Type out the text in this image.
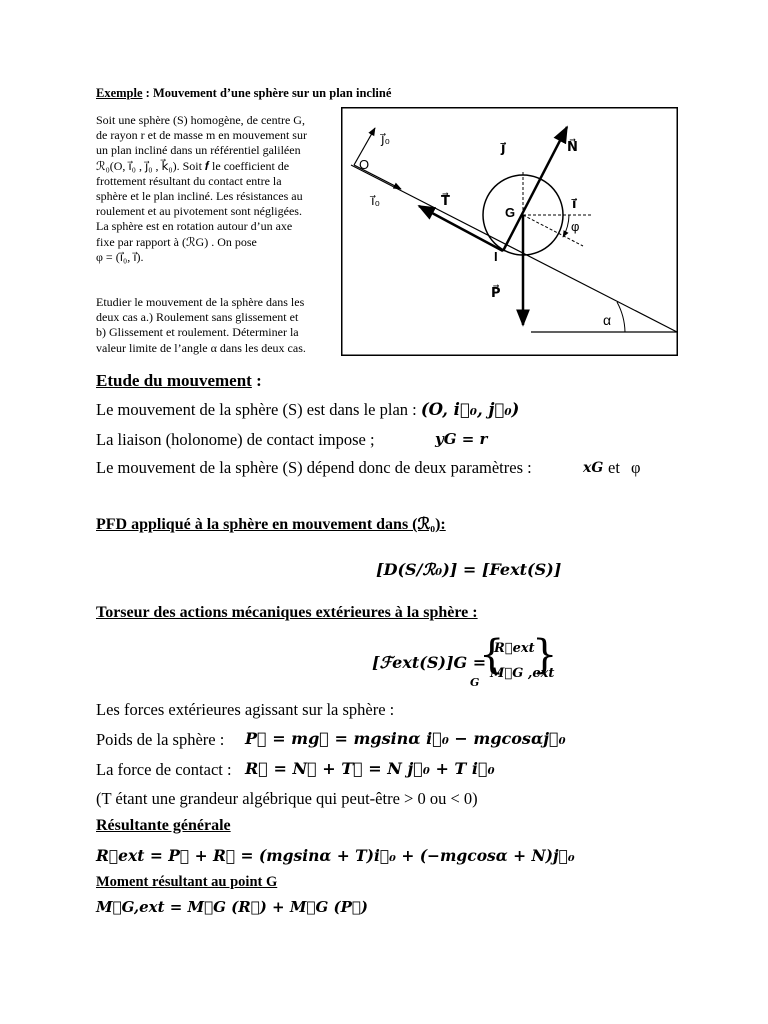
Exemple : Mouvement d’une sphère sur un plan incliné
Soit une sphère (S) homogène, de centre G,
de rayon r et de masse m en mouvement sur
un plan incliné dans un référentiel galiléen
ℛ₀(O, i⃗₀ , j⃗₀ , k⃗₀). Soit 𝒇 le coefficient de
frottement résultant du contact entre la
sphère et le plan incliné. Les résistances au
roulement et au pivotement sont négligées.
La sphère est en rotation autour d’un axe
fixe par rapport à (ℛG) . On pose
φ = (i⃗₀, i⃗).
Etudier le mouvement de la sphère dans les
deux cas a.) Roulement sans glissement et
b) Glissement et roulement. Déterminer la
valeur limite de l’angle α dans les deux cas.
j⃗₀
O
i⃗₀	T⃗
j⃗	N⃗
G
i⃗
φ
I
P⃗
α
Etude du mouvement :
Le mouvement de la sphère (S) est dans le plan : (O, i⃗₀, j⃗₀)
La liaison (holonome) de contact impose ;	yG = r
Le mouvement de la sphère (S) dépend donc de deux paramètres :	xG et φ
PFD appliqué à la sphère en mouvement dans (ℛ₀):
[D(S/ℛ₀)] = [Fext(S)]
Torseur des actions mécaniques extérieures à la sphère :
[ℱext(S)]G =
{ }
G
R⃗ext
M⃗G ,ext
Les forces extérieures agissant sur la sphère :
Poids de la sphère : P⃗ = mg⃗ = mgsinα i⃗₀ − mgcosαj⃗₀
La force de contact : R⃗ = N⃗ + T⃗ = N j⃗₀ + T i⃗₀
(T étant une grandeur algébrique qui peut-être > 0 ou < 0)
Résultante générale
R⃗ext = P⃗ + R⃗ = (mgsinα + T)i⃗₀ + (−mgcosα + N)j⃗₀
Moment résultant au point G
M⃗G,ext = M⃗G (R⃗) + M⃗G (P⃗)
